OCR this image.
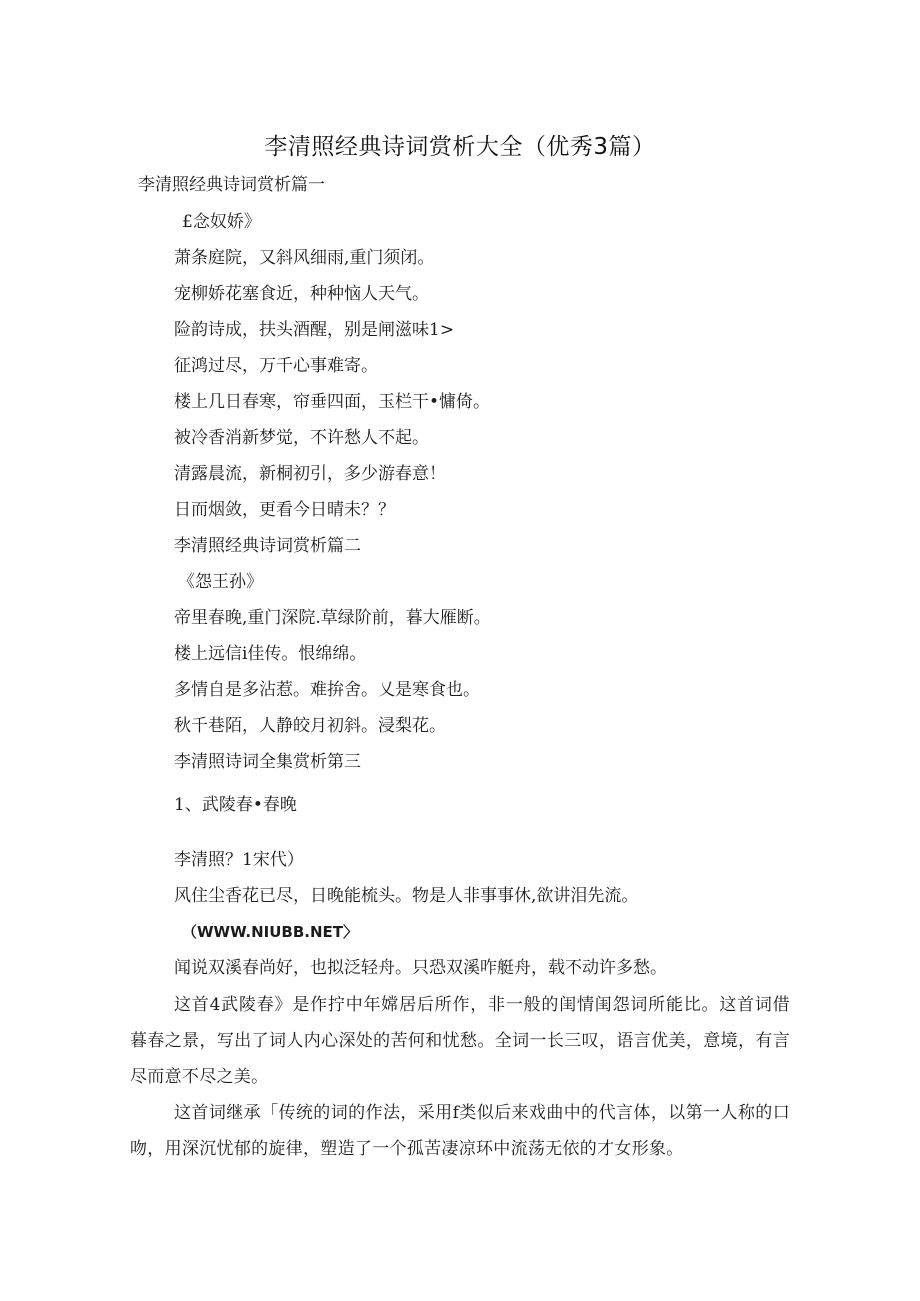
李清照经典诗词赏析大全（优秀3篇）
李清照经典诗词赏析篇一
£念奴娇》
萧条庭院，又斜风细雨,重门须闭。
宠柳娇花塞食近，种种恼人天气。
险韵诗成，扶头酒醒，别是闸滋味1>
征鸿过尽，万千心事难寄。
楼上几日春寒，帘垂四面，玉栏干•慵倚。
被冷香消新梦觉，不许愁人不起。
清露晨流，新桐初引，多少游春意！
日而烟敛，更看今日晴未？？
李清照经典诗词赏析篇二
《怨王孙》
帝里春晚,重门深院.草绿阶前，暮大雁断。
楼上远信i佳传。恨绵绵。
多情自是多沾惹。难拚舍。乂是寒食也。
秋千巷陌，人静皎月初斜。浸梨花。
李清照诗词全集赏析第三
1、武陵春•春晚
李清照？1宋代）
风住尘香花已尽，日晚能梳头。物是人非事事休,欲讲泪先流。
（WWW.NIUBB.NET〉
闻说双溪春尚好，也拟泛轻舟。只恐双溪咋艇舟，载不动许多愁。
这首4武陵春》是作拧中年嫦居后所作，非一般的闺情闺怨词所能比。这首词借暮春之景，写出了词人内心深处的苦何和忧愁。全词一长三叹，语言优美，意境，有言尽而意不尽之美。
这首词继承「传统的词的作法，采用f类似后来戏曲中的代言体，以第一人称的口吻，用深沉忧郁的旋律，塑造了一个孤苦凄凉环中流荡无依的才女形象。
